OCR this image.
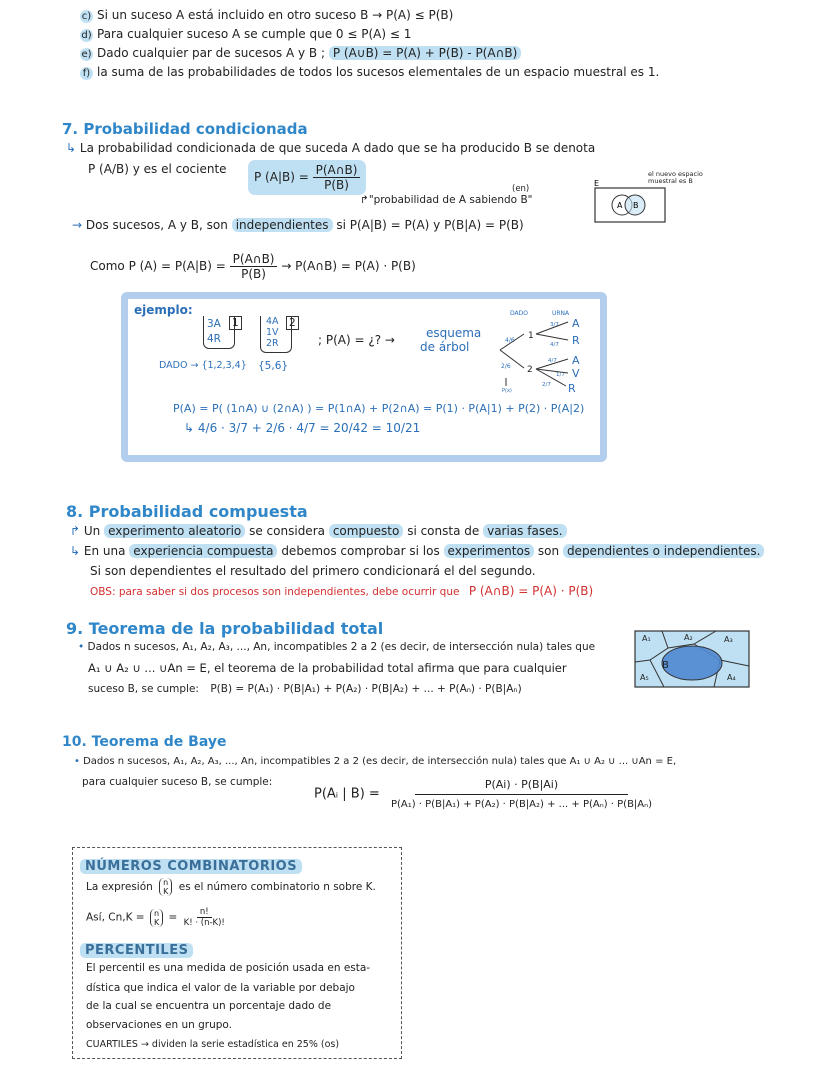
c) Si un suceso A está incluido en otro suceso B → P(A) ≤ P(B)
d) Para cualquier suceso A se cumple que 0 ≤ P(A) ≤ 1
e) Dado cualquier par de sucesos A y B ; P (A∪B) = P(A) + P(B) - P(A∩B)
f) la suma de las probabilidades de todos los sucesos elementales de un espacio muestral es 1.
7. Probabilidad condicionada
↳ La probabilidad condicionada de que suceda A dado que se ha producido B se denota
P (A/B) y es el cociente
P $(A|B) = \frac{P(A\cap B)}{P(B)}$
↱"probabilidad de A sabiendo B"
(en)
E
A B
el nuevo espacio muestral es B
→ Dos sucesos, A y B, son independientes si P(A|B) = P(A) y P(B|A) = P(B)
Como P $(A) = P(A|B) = \frac{P(A\cap B)}{P(B)}$ → P(A∩B) = P(A) · P(B)
ejemplo:
3A
4R
1	4A
1V
2R
2
DADO → {1,2,3,4} {5,6}
; P(A) = ¿? →	esquema
de árbol
DADO	URNA
4/6
2/6
1
2
3/7
4/7
4/7
1/7
2/7
A
R
A
V
R
P(x)
P(A) = P( (1∩A) ∪ (2∩A) ) = P(1∩A) + P(2∩A) = P(1) · P(A|1) + P(2) · P(A|2)
↳ 4/6 · 3/7 + 2/6 · 4/7 = 20/42 = 10/21
8. Probabilidad compuesta
↱ Un experimento aleatorio se considera compuesto si consta de varias fases.
↳ En una experiencia compuesta debemos comprobar si los experimentos son dependientes o independientes.
Si son dependientes el resultado del primero condicionará el del segundo.
OBS: para saber si dos procesos son independientes, debe ocurrir que P (A∩B) = P(A) · P(B)
9. Teorema de la probabilidad total
• Dados n sucesos, A₁, A₂, A₃, ..., An, incompatibles 2 a 2 (es decir, de intersección nula) tales que
A₁ ∪ A₂ ∪ ... ∪An = E, el teorema de la probabilidad total afirma que para cualquier
suceso B, se cumple: P(B) = P(A₁) · P(B|A₁) + P(A₂) · P(B|A₂) + ... + P(Aₙ) · P(B|Aₙ)
A₁	A₂	A₃
A₄
A₅
B
10. Teorema de Baye
• Dados n sucesos, A₁, A₂, A₃, ..., An, incompatibles 2 a 2 (es decir, de intersección nula) tales que A₁ ∪ A₂ ∪ ... ∪An = E,
para cualquier suceso B, se cumple:
P(Aᵢ | $B) = \frac{P(Ai) \cdot P(B|Ai)}{\text{P(A₁) · P(B|A₁) + P(A₂) · P(B|A₂) + ... + P(Aₙ) · P(B|Aₙ)}}$
NÚMEROS COMBINATORIOS
La expresión n
K es el número combinatorio n sobre K.
Así, Cn,K = n
$K = \frac{n!}{K! \cdot (n-K)!}$
PERCENTILES
El percentil es una medida de posición usada en esta-
dística que indica el valor de la variable por debajo
de la cual se encuentra un porcentaje dado de
observaciones en un grupo.
CUARTILES → dividen la serie estadística en 25% (os)
